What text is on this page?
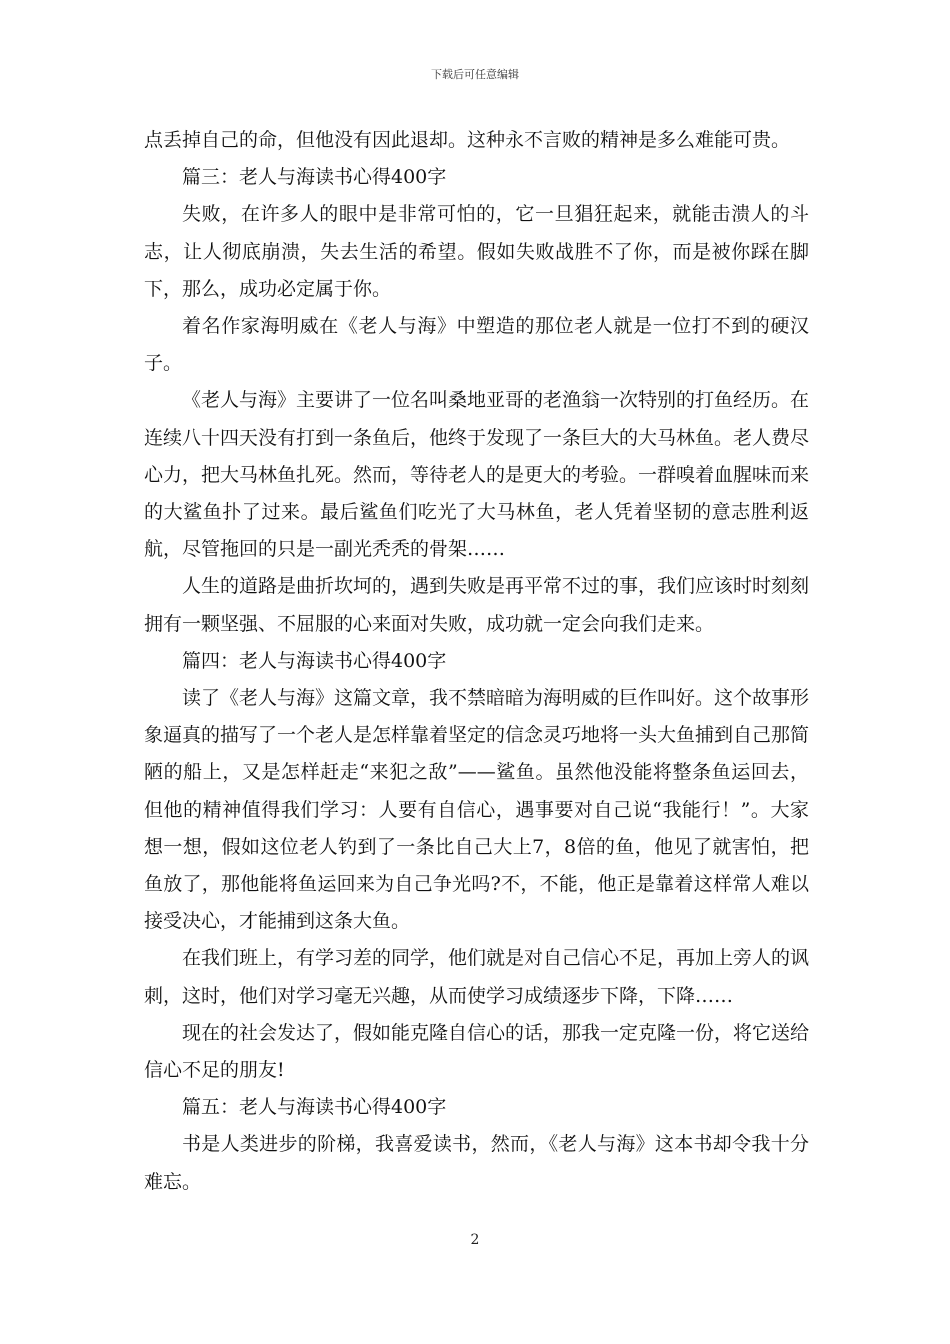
下载后可任意编辑

点丢掉自己的命，但他没有因此退却。这种永不言败的精神是多么难能可贵。

篇三：老人与海读书心得400字

失败，在许多人的眼中是非常可怕的，它一旦猖狂起来，就能击溃人的斗志，让人彻底崩溃，失去生活的希望。假如失败战胜不了你，而是被你踩在脚下，那么，成功必定属于你。

着名作家海明威在《老人与海》中塑造的那位老人就是一位打不到的硬汉子。

《老人与海》主要讲了一位名叫桑地亚哥的老渔翁一次特别的打鱼经历。在连续八十四天没有打到一条鱼后，他终于发现了一条巨大的大马林鱼。老人费尽心力，把大马林鱼扎死。然而，等待老人的是更大的考验。一群嗅着血腥味而来的大鲨鱼扑了过来。最后鲨鱼们吃光了大马林鱼，老人凭着坚韧的意志胜利返航，尽管拖回的只是一副光秃秃的骨架……

人生的道路是曲折坎坷的，遇到失败是再平常不过的事，我们应该时时刻刻拥有一颗坚强、不屈服的心来面对失败，成功就一定会向我们走来。

篇四：老人与海读书心得400字

读了《老人与海》这篇文章，我不禁暗暗为海明威的巨作叫好。这个故事形象逼真的描写了一个老人是怎样靠着坚定的信念灵巧地将一头大鱼捕到自己那简陋的船上，又是怎样赶走“来犯之敌”——鲨鱼。虽然他没能将整条鱼运回去，但他的精神值得我们学习：人要有自信心，遇事要对自己说“我能行！”。大家想一想，假如这位老人钓到了一条比自己大上7，8倍的鱼，他见了就害怕，把鱼放了，那他能将鱼运回来为自己争光吗?不，不能，他正是靠着这样常人难以接受决心，才能捕到这条大鱼。

在我们班上，有学习差的同学，他们就是对自己信心不足，再加上旁人的讽刺，这时，他们对学习毫无兴趣，从而使学习成绩逐步下降，下降……

现在的社会发达了，假如能克隆自信心的话，那我一定克隆一份，将它送给信心不足的朋友!

篇五：老人与海读书心得400字

书是人类进步的阶梯，我喜爱读书，然而，《老人与海》这本书却令我十分难忘。

2
